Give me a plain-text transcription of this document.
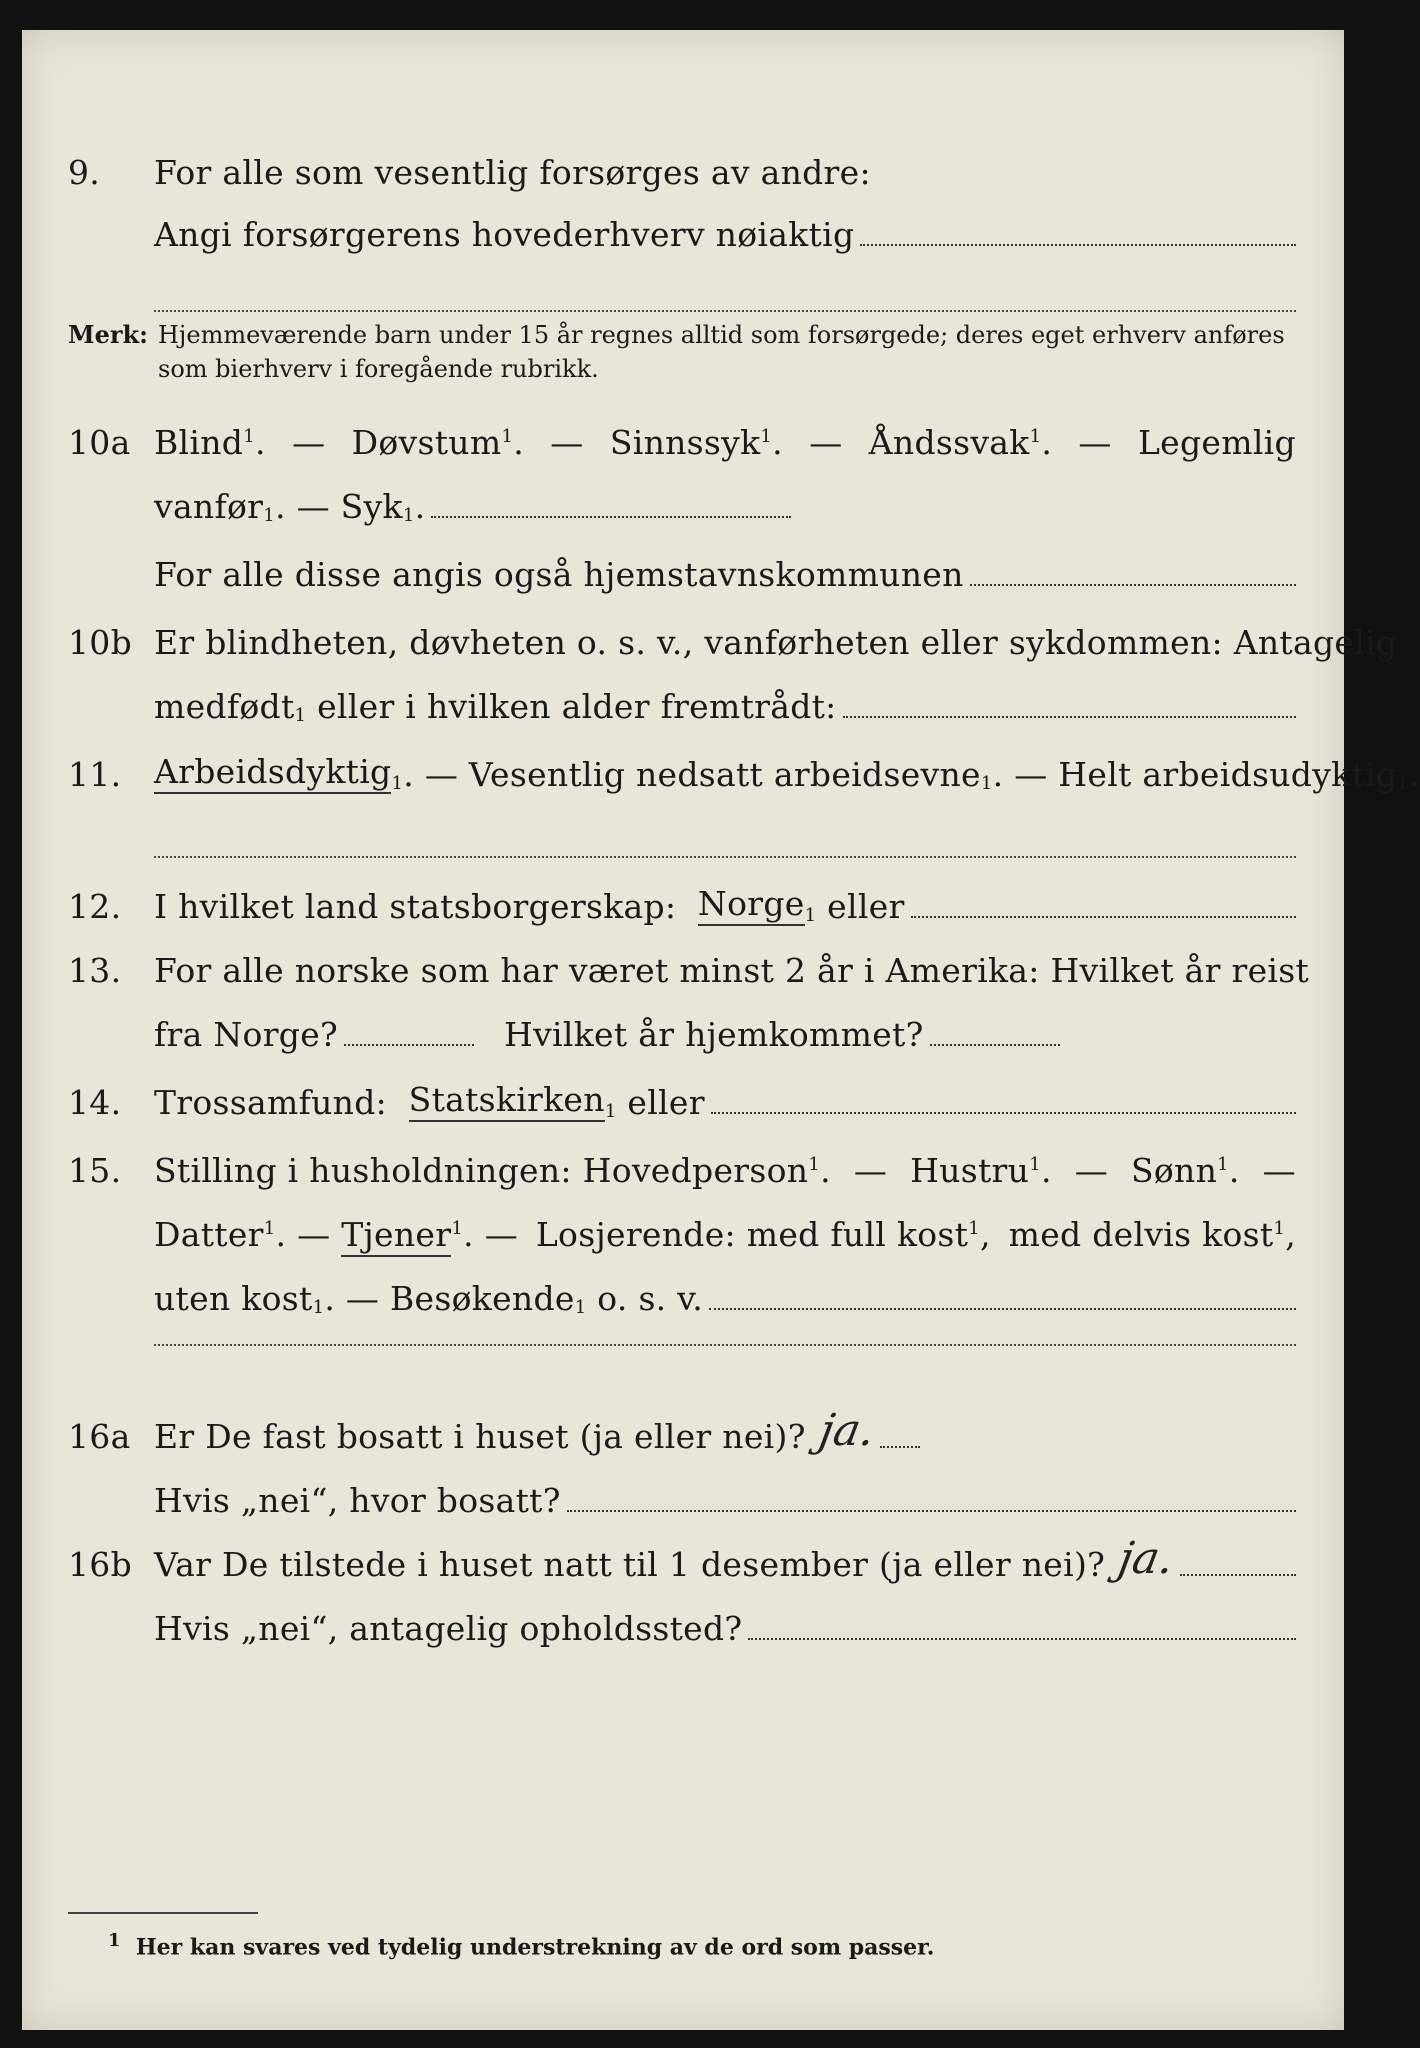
9.	For alle som vesentlig forsørges av andre:
Angi forsørgerens hovederhverv nøiaktig
Merk: Hjemmeværende barn under 15 år regnes alltid som forsørgede; deres eget erhverv anføres som bierhverv i foregående rubrikk.
10a Blind$^1$. — Døvstum$^1$. — Sinnssyk$^1$. — Åndssvak$^1$. — Legemlig
vanfør 1 . — Syk 1 .
For alle disse angis også hjemstavnskommunen
10b Er blindheten, døvheten o. s. v., vanførheten eller sykdommen: Antagelig
medfødt 1
eller i hvilken alder fremtrådt:
11. Arbeidsdyktig 1 . — Vesentlig nedsatt arbeidsevne 1 . — Helt arbeidsudyktig 1 .
12. I hvilket land statsborgerskap:
Norge 1
eller
13. For alle norske som har været minst 2 år i Amerika: Hvilket år reist
fra Norge?	Hvilket år hjemkommet?
14. Trossamfund:
Statskirken 1
eller
15. Stilling i husholdningen: Hovedperson$^1$. — Hustru$^1$. — Sønn$^1$. —
Datter$^1$. — Tjener$^1$. — Losjerende: med full kost$^1$, med delvis kost$^1$,
uten kost 1 . — Besøkende 1
o. s. v.
16a Er De fast bosatt i huset (ja eller nei)? ja.
Hvis „nei“, hvor bosatt?
16b Var De tilstede i huset natt til 1 desember (ja eller nei)? ja.
Hvis „nei“, antagelig opholdssted?
$^1$ Her kan svares ved tydelig understrekning av de ord som passer.
